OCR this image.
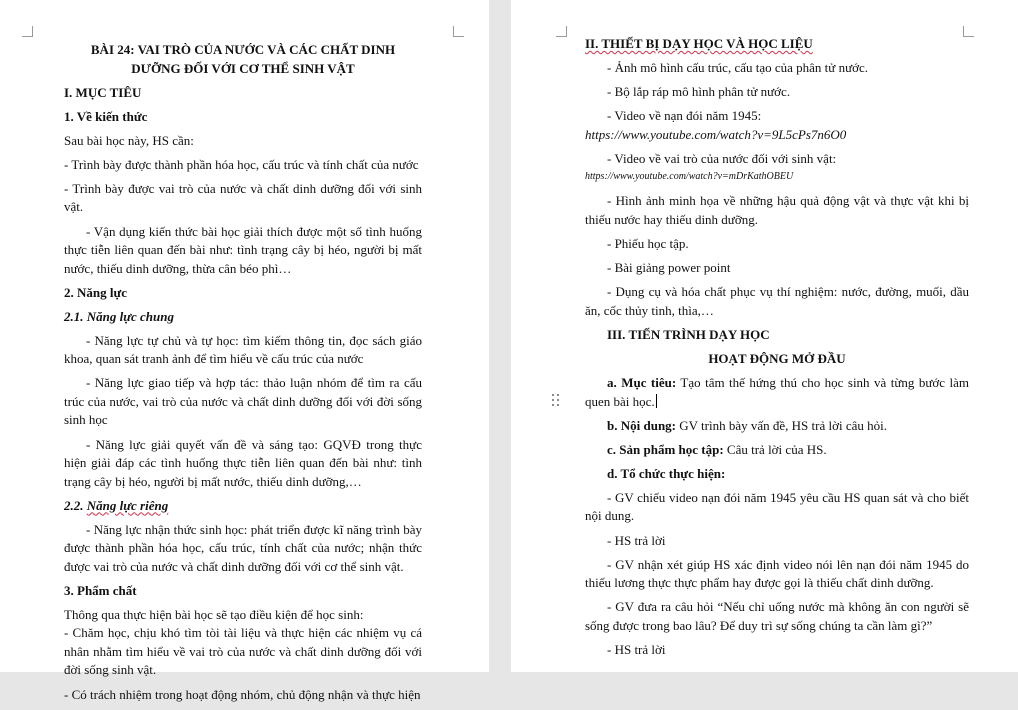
BÀI 24: VAI TRÒ CỦA NƯỚC VÀ CÁC CHẤT DINH

DƯỠNG ĐỐI VỚI CƠ THỂ SINH VẬT

I. MỤC TIÊU

1. Về kiến thức

Sau bài học này, HS cần:

- Trình bày được thành phần hóa học, cấu trúc và tính chất của nước

- Trình bày được vai trò của nước và chất dinh dưỡng đối với sinh vật.

- Vận dụng kiến thức bài học giải thích được một số tình huống thực tiễn liên quan đến bài như: tình trạng cây bị héo, người bị mất nước, thiếu dinh dưỡng, thừa cân béo phì…

2. Năng lực

2.1. Năng lực chung

- Năng lực tự chủ và tự học: tìm kiếm thông tin, đọc sách giáo khoa, quan sát tranh ảnh để tìm hiểu về cấu trúc của nước

- Năng lực giao tiếp và hợp tác: thảo luận nhóm để tìm ra cấu trúc của nước, vai trò của nước và chất dinh dưỡng đối với đời sống sinh học

- Năng lực giải quyết vấn đề và sáng tạo: GQVĐ trong thực hiện giải đáp các tình huống thực tiễn liên quan đến bài như: tình trạng cây bị héo, người bị mất nước, thiếu dinh dưỡng,…

2.2. Năng lực riêng

- Năng lực nhận thức sinh học: phát triển được kĩ năng trình bày được thành phần hóa học, cấu trúc, tính chất của nước; nhận thức được vai trò của nước và chất dinh dưỡng đối với cơ thể sinh vật.

3. Phẩm chất

Thông qua thực hiện bài học sẽ tạo điều kiện để học sinh:

- Chăm học, chịu khó tìm tòi tài liệu và thực hiện các nhiệm vụ cá nhân nhằm tìm hiểu về vai trò của nước và chất dinh dưỡng đối với đời sống sinh vật.

- Có trách nhiệm trong hoạt động nhóm, chủ động nhận và thực hiện

II. THIẾT BỊ DẠY HỌC VÀ HỌC LIỆU

- Ảnh mô hình cấu trúc, cấu tạo của phân tử nước.

- Bộ lắp ráp mô hình phân tử nước.

- Video về nạn đói năm 1945:

https://www.youtube.com/watch?v=9L5cPs7n6O0

- Video về vai trò của nước đối với sinh vật:

https://www.youtube.com/watch?v=mDrKathOBEU

- Hình ảnh minh họa về những hậu quả động vật và thực vật khi bị thiếu nước hay thiếu dinh dưỡng.

- Phiếu học tập.

- Bài giảng power point

- Dụng cụ và hóa chất phục vụ thí nghiệm: nước, đường, muối, dầu ăn, cốc thủy tinh, thìa,…

III. TIẾN TRÌNH DẠY HỌC

HOẠT ĐỘNG MỞ ĐẦU

a. Mục tiêu: Tạo tâm thế hứng thú cho học sinh và từng bước làm quen bài học.

b. Nội dung: GV trình bày vấn đề, HS trả lời câu hỏi.

c. Sản phẩm học tập: Câu trả lời của HS.

d. Tổ chức thực hiện:

- GV chiếu video nạn đói năm 1945 yêu cầu HS quan sát và cho biết nội dung.

- HS trả lời

- GV nhận xét giúp HS xác định video nói lên nạn đói năm 1945 do thiếu lương thực thực phẩm hay được gọi là thiếu chất dinh dưỡng.

- GV đưa ra câu hỏi “Nếu chỉ uống nước mà không ăn con người sẽ sống được trong bao lâu? Để duy trì sự sống chúng ta cần làm gì?”

- HS trả lời
